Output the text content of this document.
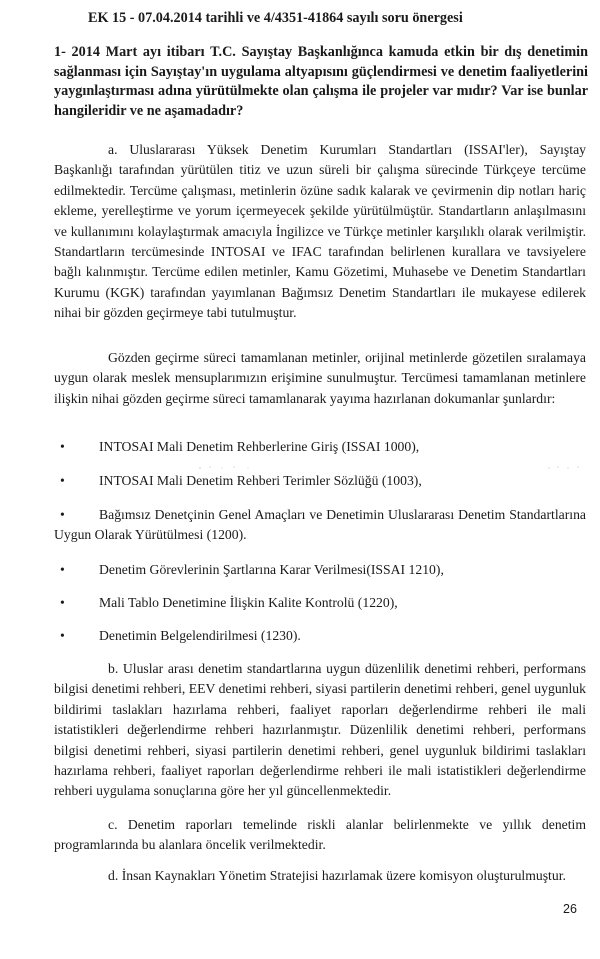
EK 15 - 07.04.2014 tarihli ve 4/4351-41864 sayılı soru önergesi
1- 2014 Mart ayı itibarı T.C. Sayıştay Başkanlığınca kamuda etkin bir dış denetimin sağlanması için Sayıştay'ın uygulama altyapısını güçlendirmesi ve denetim faaliyetlerini yaygınlaştırması adına yürütülmekte olan çalışma ile projeler var mıdır? Var ise bunlar hangileridir ve ne aşamadadır?
a. Uluslararası Yüksek Denetim Kurumları Standartları (ISSAI'ler), Sayıştay Başkanlığı tarafından yürütülen titiz ve uzun süreli bir çalışma sürecinde Türkçeye tercüme edilmektedir. Tercüme çalışması, metinlerin özüne sadık kalarak ve çevirmenin dip notları hariç ekleme, yerelleştirme ve yorum içermeyecek şekilde yürütülmüştür. Standartların anlaşılmasını ve kullanımını kolaylaştırmak amacıyla İngilizce ve Türkçe metinler karşılıklı olarak verilmiştir. Standartların tercümesinde INTOSAI ve IFAC tarafından belirlenen kurallara ve tavsiyelere bağlı kalınmıştır. Tercüme edilen metinler, Kamu Gözetimi, Muhasebe ve Denetim Standartları Kurumu (KGK) tarafından yayımlanan Bağımsız Denetim Standartları ile mukayese edilerek nihai bir gözden geçirmeye tabi tutulmuştur.
Gözden geçirme süreci tamamlanan metinler, orijinal metinlerde gözetilen sıralamaya uygun olarak meslek mensuplarımızın erişimine sunulmuştur. Tercümesi tamamlanan metinlere ilişkin nihai gözden geçirme süreci tamamlanarak yayıma hazırlanan dokumanlar şunlardır:
• INTOSAI Mali Denetim Rehberlerine Giriş (ISSAI 1000),
• INTOSAI Mali Denetim Rehberi Terimler Sözlüğü (1003),
•	Bağımsız Denetçinin Genel Amaçları ve Denetimin Uluslararası Denetim Standartlarına Uygun Olarak Yürütülmesi (1200).
• Denetim Görevlerinin Şartlarına Karar Verilmesi(ISSAI 1210),
• Mali Tablo Denetimine İlişkin Kalite Kontrolü (1220),
• Denetimin Belgelendirilmesi (1230).
b. Uluslar arası denetim standartlarına uygun düzenlilik denetimi rehberi, performans bilgisi denetimi rehberi, EEV denetimi rehberi, siyasi partilerin denetimi rehberi, genel uygunluk bildirimi taslakları hazırlama rehberi, faaliyet raporları değerlendirme rehberi ile mali istatistikleri değerlendirme rehberi hazırlanmıştır. Düzenlilik denetimi rehberi, performans bilgisi denetimi rehberi, siyasi partilerin denetimi rehberi, genel uygunluk bildirimi taslakları hazırlama rehberi, faaliyet raporları değerlendirme rehberi ile mali istatistikleri değerlendirme rehberi uygulama sonuçlarına göre her yıl güncellenmektedir.
c. Denetim raporları temelinde riskli alanlar belirlenmekte ve yıllık denetim programlarında bu alanlara öncelik verilmektedir.
d. İnsan Kaynakları Yönetim Stratejisi hazırlamak üzere komisyon oluşturulmuştur.
26
